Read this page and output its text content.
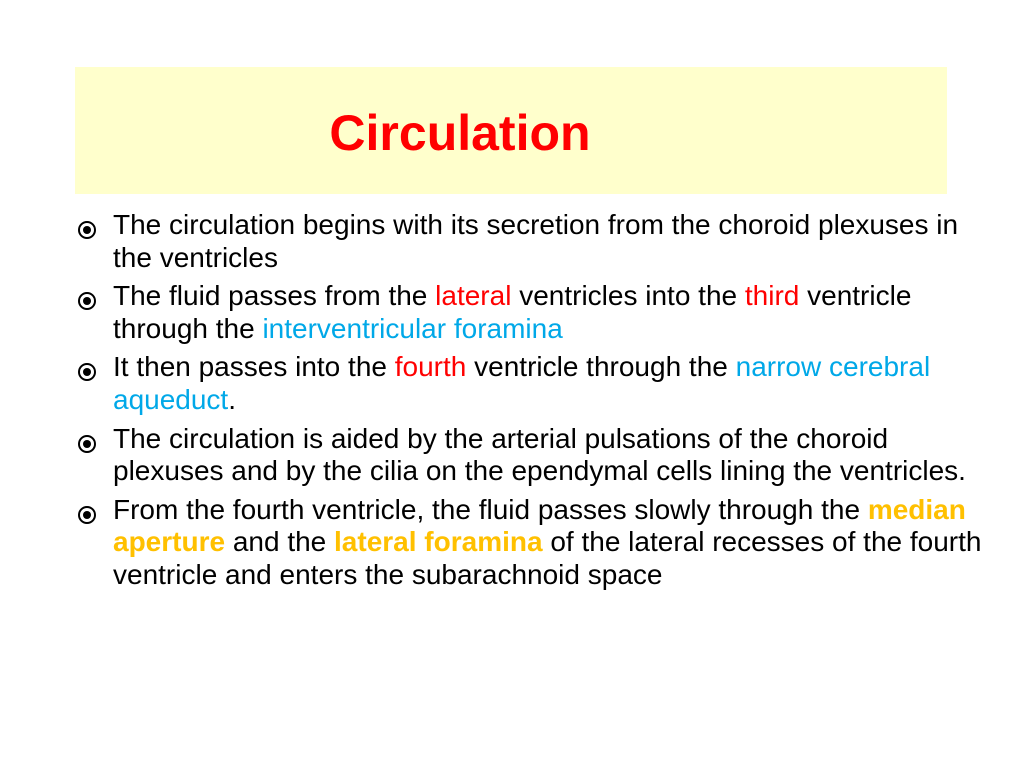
Circulation
The circulation begins with its secretion from the choroid plexuses in the ventricles
The fluid passes from the lateral ventricles into the third ventricle through the interventricular foramina
It then passes into the fourth ventricle through the narrow cerebral aqueduct.
The circulation is aided by the arterial pulsations of the choroid plexuses and by the cilia on the ependymal cells lining the ventricles.
From the fourth ventricle, the fluid passes slowly through the median aperture and the lateral foramina of the lateral recesses of the fourth ventricle and enters the subarachnoid space
